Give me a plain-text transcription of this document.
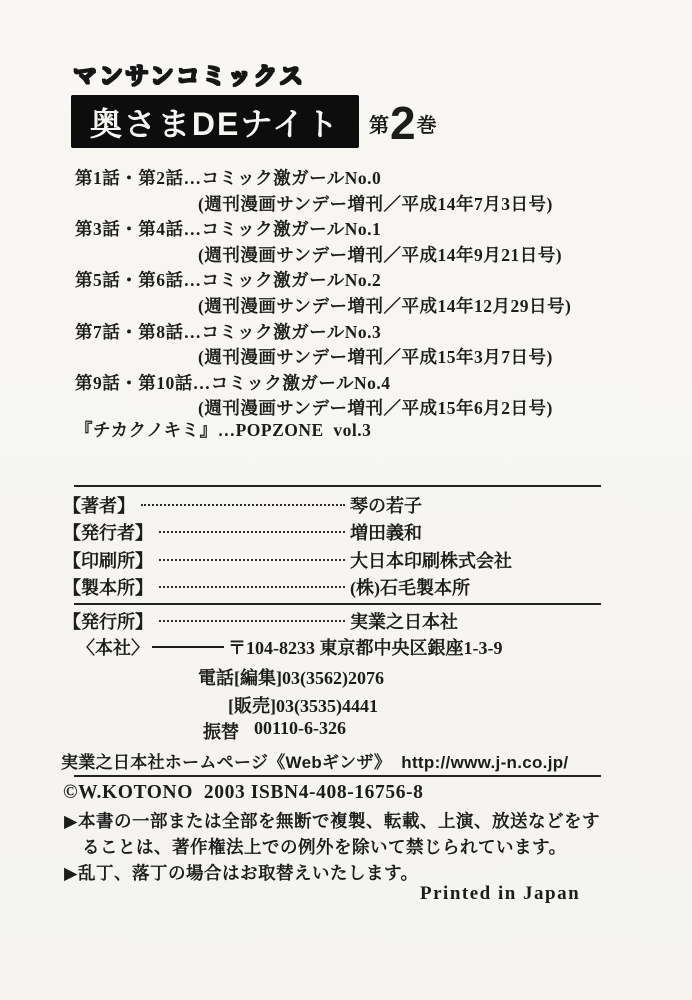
マンサンコミックス
奥さまDEナイト 第 2 巻
第1話・第2話…コミック激ガールNo.0
(週刊漫画サンデー増刊／平成14年7月3日号)
第3話・第4話…コミック激ガールNo.1
(週刊漫画サンデー増刊／平成14年9月21日号)
第5話・第6話…コミック激ガールNo.2
(週刊漫画サンデー増刊／平成14年12月29日号)
第7話・第8話…コミック激ガールNo.3
(週刊漫画サンデー増刊／平成15年3月7日号)
第9話・第10話…コミック激ガールNo.4
(週刊漫画サンデー増刊／平成15年6月2日号)
『チカクノキミ』…POPZONE  vol.3
【著者】	琴の若子
【発行者】	増田義和
【印刷所】	大日本印刷株式会社
【製本所】	(株)石毛製本所
【発行所】	実業之日本社
〈本社〉	〒104-8233 東京都中央区銀座1-3-9
電話[編集]03(3562)2076
[販売]03(3535)4441
振替 00110-6-326
実業之日本社ホームページ《Webギンザ》  http://www.j-n.co.jp/
©W.KOTONO  2003 ISBN4-408-16756-8
▶本書の一部または全部を無断で複製、転載、上演、放送などをす
ることは、著作権法上での例外を除いて禁じられています。
▶乱丁、落丁の場合はお取替えいたします。
Printed in Japan
